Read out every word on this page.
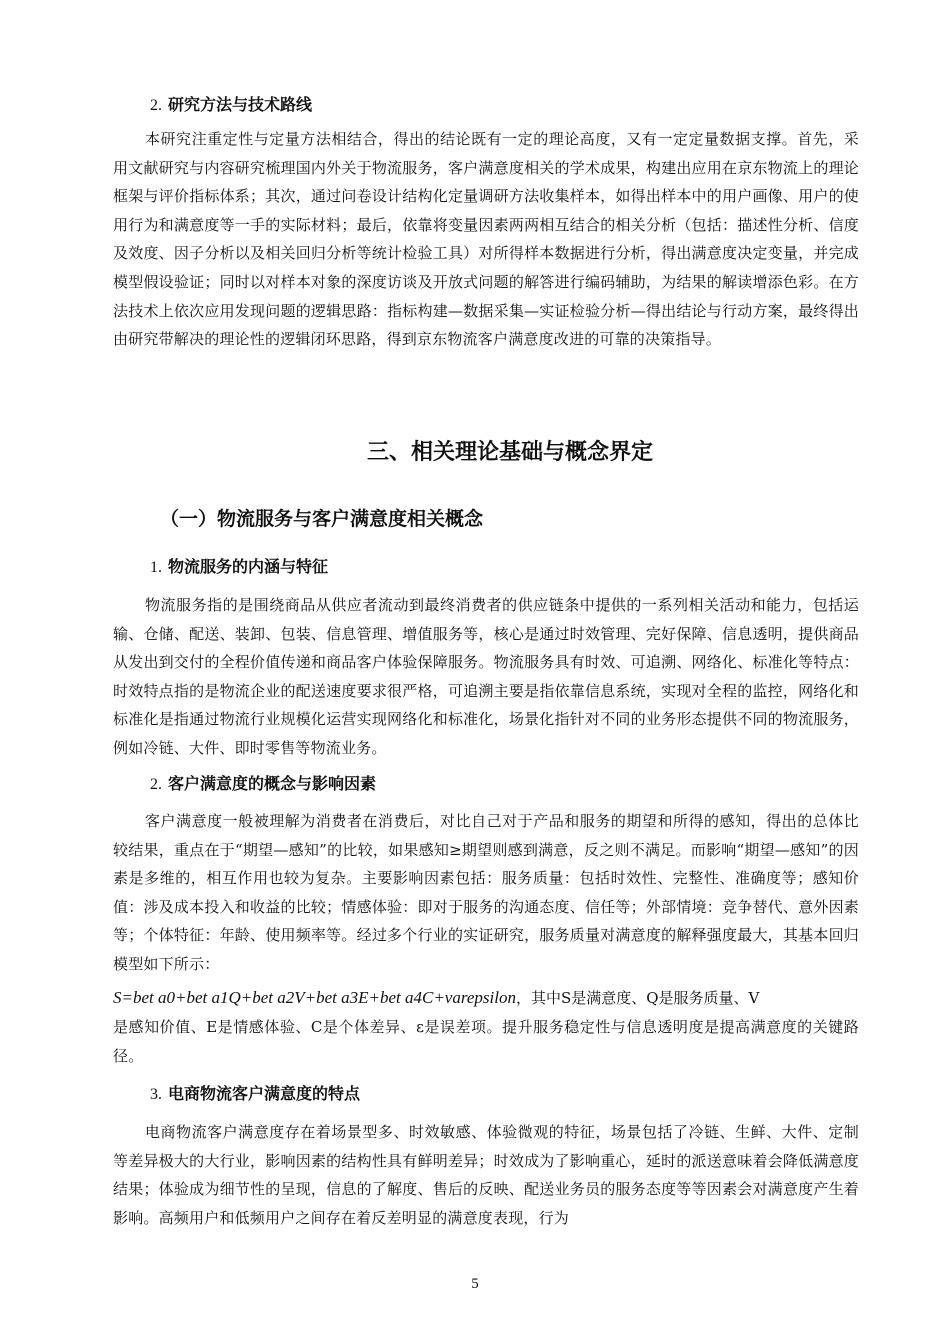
2. 研究方法与技术路线

本研究注重定性与定量方法相结合，得出的结论既有一定的理论高度，又有一定定量数据支撑。首先，采用文献研究与内容研究梳理国内外关于物流服务，客户满意度相关的学术成果，构建出应用在京东物流上的理论框架与评价指标体系；其次，通过问卷设计结构化定量调研方法收集样本，如得出样本中的用户画像、用户的使用行为和满意度等一手的实际材料；最后，依靠将变量因素两两相互结合的相关分析（包括：描述性分析、信度及效度、因子分析以及相关回归分析等统计检验工具）对所得样本数据进行分析，得出满意度决定变量，并完成模型假设验证；同时以对样本对象的深度访谈及开放式问题的解答进行编码辅助，为结果的解读增添色彩。在方法技术上依次应用发现问题的逻辑思路：指标构建—数据采集—实证检验分析—得出结论与行动方案，最终得出由研究带解决的理论性的逻辑闭环思路，得到京东物流客户满意度改进的可靠的决策指导。

三、相关理论基础与概念界定
（一）物流服务与客户满意度相关概念
1. 物流服务的内涵与特征

物流服务指的是围绕商品从供应者流动到最终消费者的供应链条中提供的一系列相关活动和能力，包括运输、仓储、配送、装卸、包装、信息管理、增值服务等，核心是通过时效管理、完好保障、信息透明，提供商品从发出到交付的全程价值传递和商品客户体验保障服务。物流服务具有时效、可追溯、网络化、标准化等特点：时效特点指的是物流企业的配送速度要求很严格，可追溯主要是指依靠信息系统，实现对全程的监控，网络化和标准化是指通过物流行业规模化运营实现网络化和标准化，场景化指针对不同的业务形态提供不同的物流服务，例如冷链、大件、即时零售等物流业务。

2. 客户满意度的概念与影响因素

客户满意度一般被理解为消费者在消费后，对比自己对于产品和服务的期望和所得的感知，得出的总体比较结果，重点在于“期望—感知”的比较，如果感知≥期望则感到满意，反之则不满足。而影响“期望—感知”的因素是多维的，相互作用也较为复杂。主要影响因素包括：服务质量：包括时效性、完整性、准确度等；感知价值：涉及成本投入和收益的比较；情感体验：即对于服务的沟通态度、信任等；外部情境：竞争替代、意外因素等；个体特征：年龄、使用频率等。经过多个行业的实证研究，服务质量对满意度的解释强度最大，其基本回归模型如下所示：

S=bet a0+bet a1Q+bet a2V+bet a3E+bet a4C+varepsilon，其中S是满意度、Q是服务质量、V

是感知价值、E是情感体验、C是个体差异、ε是误差项。提升服务稳定性与信息透明度是提高满意度的关键路径。

3. 电商物流客户满意度的特点

电商物流客户满意度存在着场景型多、时效敏感、体验微观的特征，场景包括了冷链、生鲜、大件、定制等差异极大的大行业，影响因素的结构性具有鲜明差异；时效成为了影响重心，延时的派送意味着会降低满意度结果；体验成为细节性的呈现，信息的了解度、售后的反映、配送业务员的服务态度等等因素会对满意度产生着影响。高频用户和低频用户之间存在着反差明显的满意度表现，行为

5
